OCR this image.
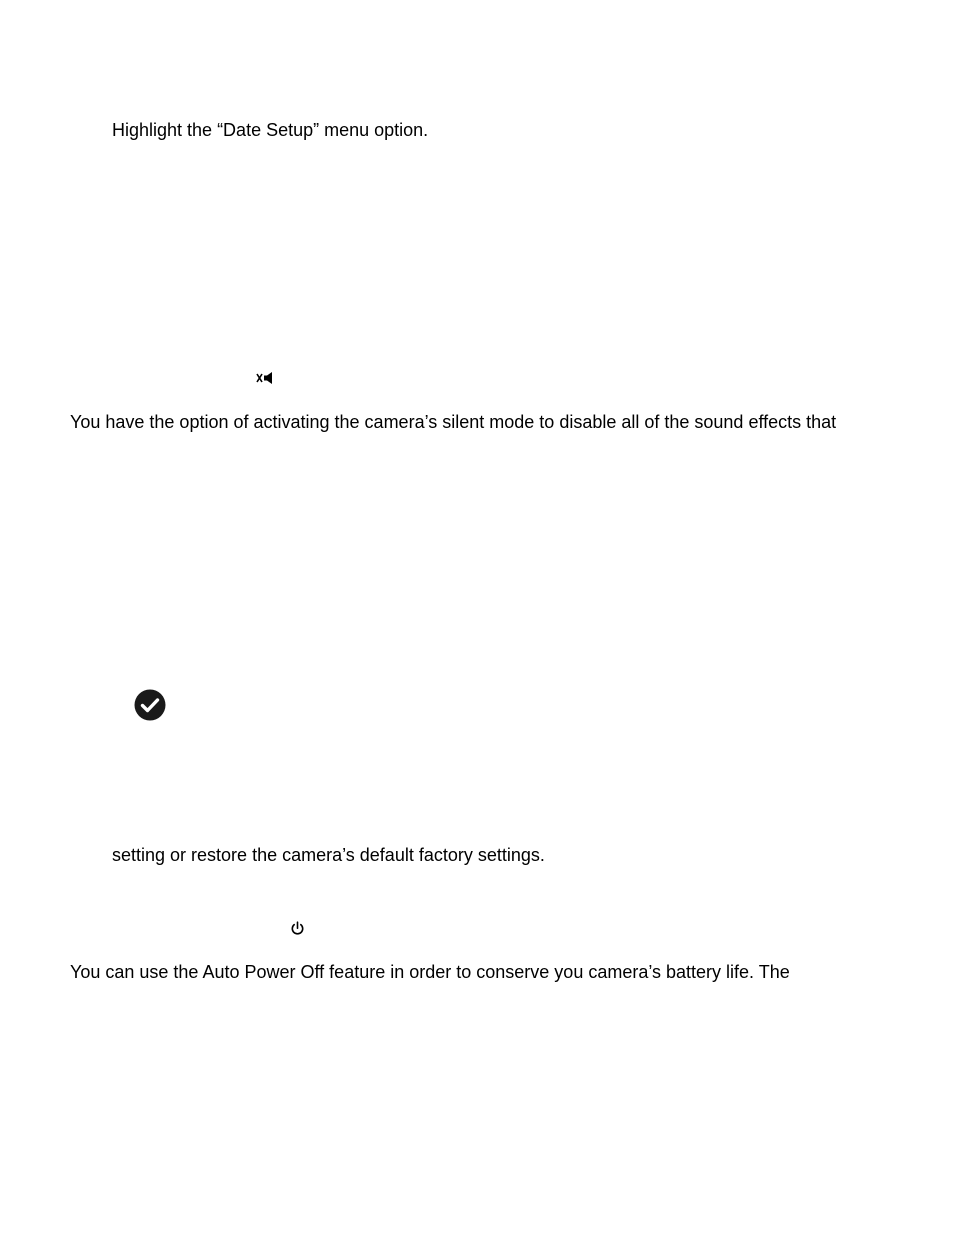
Highlight the “Date Setup” menu option.

You have the option of activating the camera’s silent mode to disable all of the sound effects that

setting or restore the camera’s default factory settings.

You can use the Auto Power Off feature in order to conserve you camera’s battery life. The
